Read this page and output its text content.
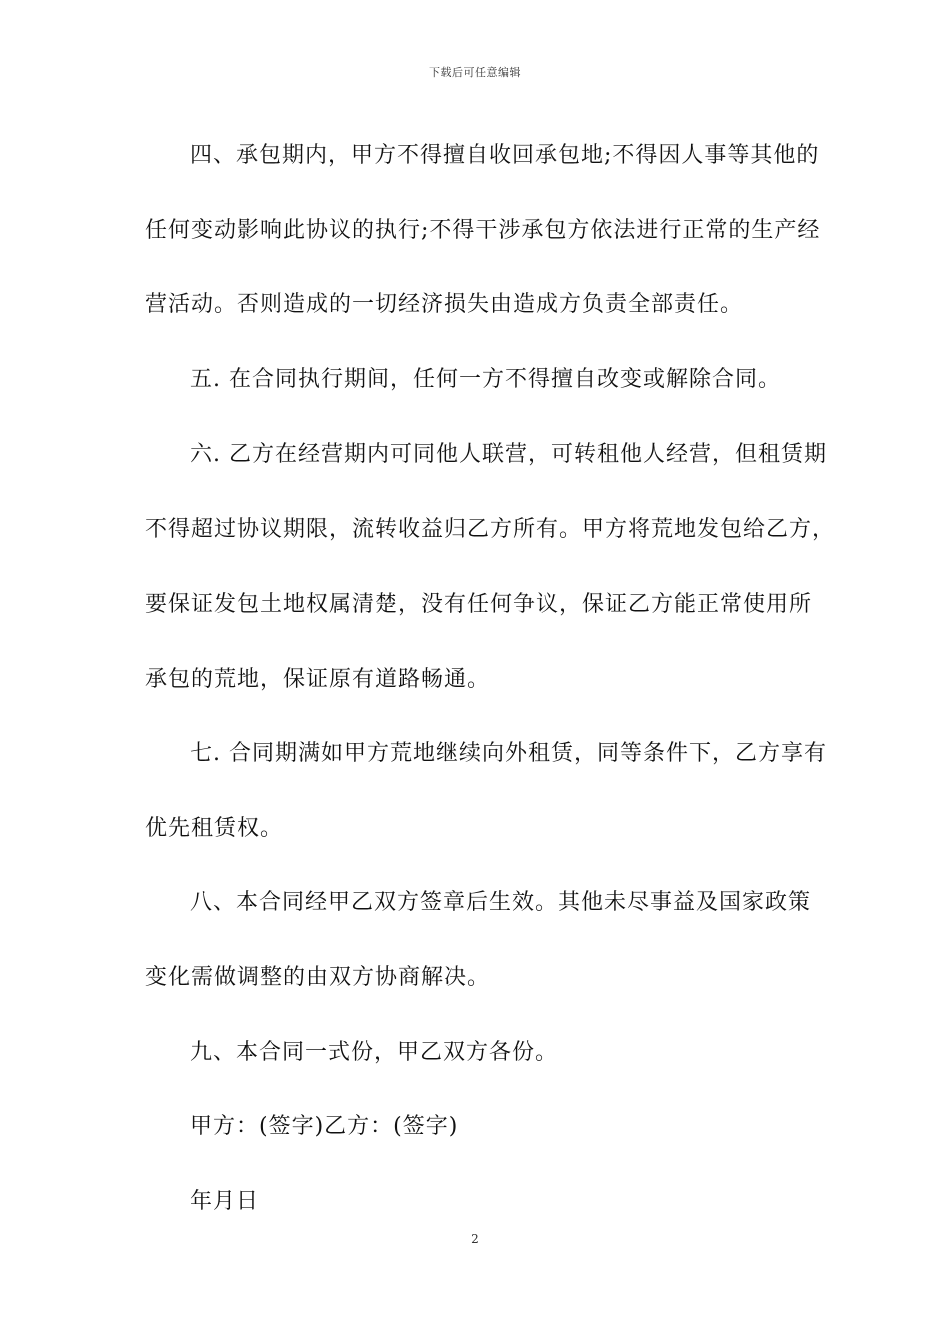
下载后可任意编辑
四、承包期内，甲方不得擅自收回承包地;不得因人事等其他的
任何变动影响此协议的执行;不得干涉承包方依法进行正常的生产经
营活动。否则造成的一切经济损失由造成方负责全部责任。
五. 在合同执行期间，任何一方不得擅自改变或解除合同。
六. 乙方在经营期内可同他人联营，可转租他人经营，但租赁期
不得超过协议期限，流转收益归乙方所有。甲方将荒地发包给乙方，
要保证发包土地权属清楚，没有任何争议，保证乙方能正常使用所
承包的荒地，保证原有道路畅通。
七. 合同期满如甲方荒地继续向外租赁，同等条件下，乙方享有
优先租赁权。
八、本合同经甲乙双方签章后生效。其他未尽事益及国家政策
变化需做调整的由双方协商解决。
九、本合同一式份，甲乙双方各份。
甲方：(签字)乙方：(签字)
年月日
2
